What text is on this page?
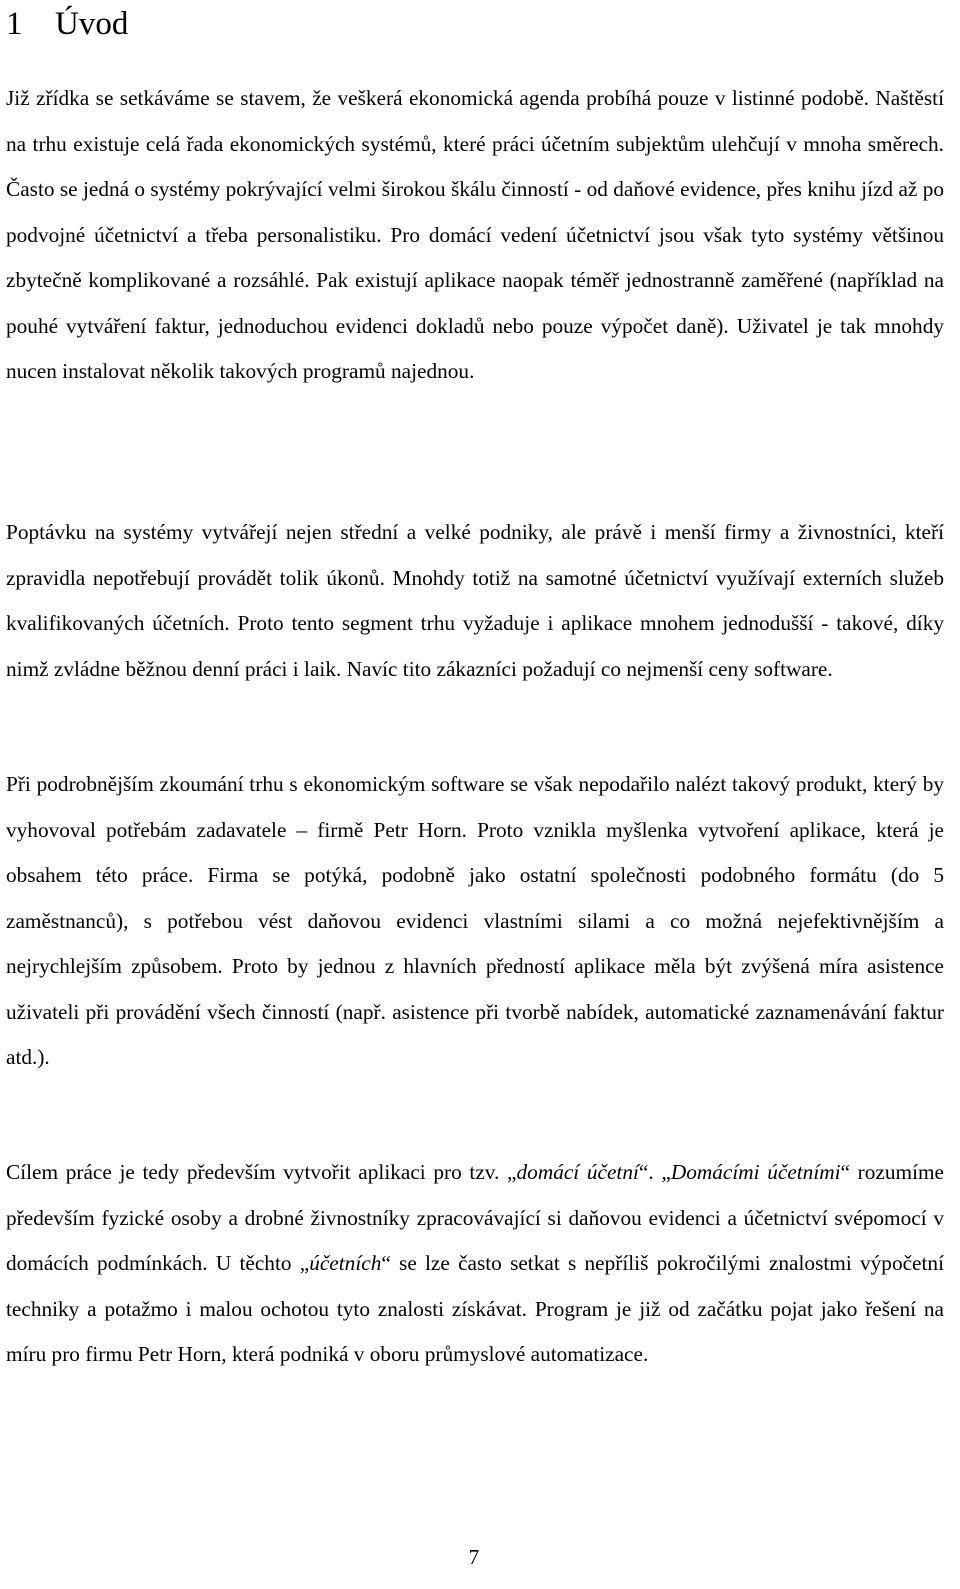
1 Úvod

Již zřídka se setkáváme se stavem, že veškerá ekonomická agenda probíhá pouze v listinné podobě. Naštěstí na trhu existuje celá řada ekonomických systémů, které práci účetním subjektům ulehčují v mnoha směrech. Často se jedná o systémy pokrývající velmi širokou škálu činností - od daňové evidence, přes knihu jízd až po podvojné účetnictví a třeba personalistiku. Pro domácí vedení účetnictví jsou však tyto systémy většinou zbytečně komplikované a rozsáhlé. Pak existují aplikace naopak téměř jednostranně zaměřené (například na pouhé vytváření faktur, jednoduchou evidenci dokladů nebo pouze výpočet daně). Uživatel je tak mnohdy nucen instalovat několik takových programů najednou.

Poptávku na systémy vytvářejí nejen střední a velké podniky, ale právě i menší firmy a živnostníci, kteří zpravidla nepotřebují provádět tolik úkonů. Mnohdy totiž na samotné účetnictví využívají externích služeb kvalifikovaných účetních. Proto tento segment trhu vyžaduje i aplikace mnohem jednodušší - takové, díky nimž zvládne běžnou denní práci i laik. Navíc tito zákazníci požadují co nejmenší ceny software.

Při podrobnějším zkoumání trhu s ekonomickým software se však nepodařilo nalézt takový produkt, který by vyhovoval potřebám zadavatele – firmě Petr Horn. Proto vznikla myšlenka vytvoření aplikace, která je obsahem této práce. Firma se potýká, podobně jako ostatní společnosti podobného formátu (do 5 zaměstnanců), s potřebou vést daňovou evidenci vlastními silami a co možná nejefektivnějším a nejrychlejším způsobem. Proto by jednou z hlavních předností aplikace měla být zvýšená míra asistence uživateli při provádění všech činností (např. asistence při tvorbě nabídek, automatické zaznamenávání faktur atd.).

Cílem práce je tedy především vytvořit aplikaci pro tzv. „domácí účetní“. „Domácími účetními“ rozumíme především fyzické osoby a drobné živnostníky zpracovávající si daňovou evidenci a účetnictví svépomocí v domácích podmínkách. U těchto „účetních“ se lze často setkat s nepříliš pokročilými znalostmi výpočetní techniky a potažmo i malou ochotou tyto znalosti získávat. Program je již od začátku pojat jako řešení na míru pro firmu Petr Horn, která podniká v oboru průmyslové automatizace.

7
